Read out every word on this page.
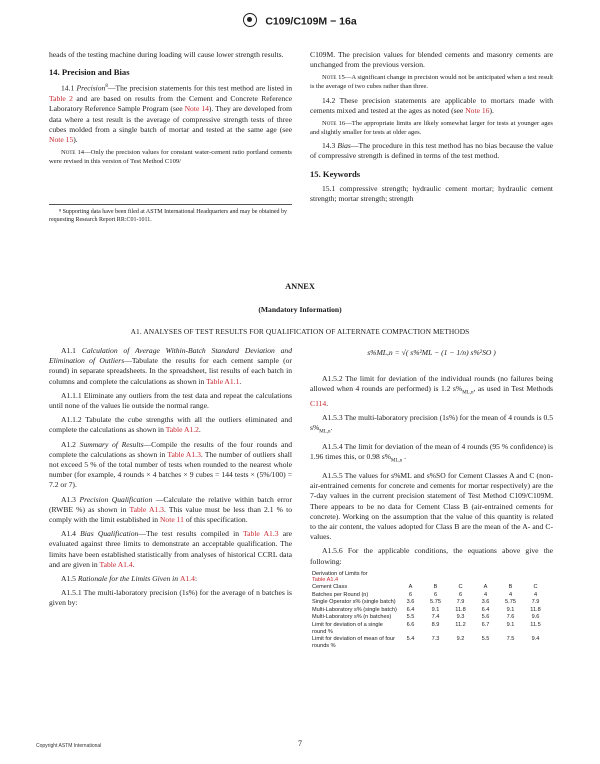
C109/C109M − 16a

heads of the testing machine during loading will cause lower strength results.

14. Precision and Bias

14.1 Precision$^8$—The precision statements for this test method are listed in Table 2 and are based on results from the Cement and Concrete Reference Laboratory Reference Sample Program (see Note 14). They are developed from data where a test result is the average of compressive strength tests of three cubes molded from a single batch of mortar and tested at the same age (see Note 15).

Note 14—Only the precision values for constant water-cement ratio portland cements were revised in this version of Test Method C109/

⁸ Supporting data have been filed at ASTM International Headquarters and may be obtained by requesting Research Report RR:C01-1011.

C109M. The precision values for blended cements and masonry cements are unchanged from the previous version.

Note 15—A significant change in precision would not be anticipated when a test result is the average of two cubes rather than three.

14.2 These precision statements are applicable to mortars made with cements mixed and tested at the ages as noted (see Note 16).

Note 16—The appropriate limits are likely somewhat larger for tests at younger ages and slightly smaller for tests at older ages.

14.3 Bias—The procedure in this test method has no bias because the value of compressive strength is defined in terms of the test method.

15. Keywords

15.1 compressive strength; hydraulic cement mortar; hydraulic cement strength; mortar strength; strength

ANNEX
(Mandatory Information)
A1. ANALYSES OF TEST RESULTS FOR QUALIFICATION OF ALTERNATE COMPACTION METHODS

A1.1 Calculation of Average Within-Batch Standard Deviation and Elimination of Outliers—Tabulate the results for each cement sample (or round) in separate spreadsheets. In the spreadsheet, list results of each batch in columns and complete the calculations as shown in Table A1.1.

A1.1.1 Eliminate any outliers from the test data and repeat the calculations until none of the values lie outside the normal range.

A1.1.2 Tabulate the cube strengths with all the outliers eliminated and complete the calculations as shown in Table A1.2.

A1.2 Summary of Results—Compile the results of the four rounds and complete the calculations as shown in Table A1.3. The number of outliers shall not exceed 5 % of the total number of tests when rounded to the nearest whole number (for example, 4 rounds × 4 batches × 9 cubes = 144 tests × (5%/100) = 7.2 or 7).

A1.3 Precision Qualification —Calculate the relative within batch error (RWBE %) as shown in Table A1.3. This value must be less than 2.1 % to comply with the limit established in Note 11 of this specification.

A1.4 Bias Qualification—The test results compiled in Table A1.3 are evaluated against three limits to demonstrate an acceptable qualification. The limits have been established statistically from analyses of historical CCRL data and are given in Table A1.4.

A1.5 Rationale for the Limits Given in A1.4:

A1.5.1 The multi-laboratory precision (1s%) for the average of n batches is given by:

s%ML,n = √( s%²ML − (1 − 1/n) s%²SO )

A1.5.2 The limit for deviation of the individual rounds (no failures being allowed when 4 rounds are performed) is 1.2 $s\%_{ML,n}$, as used in Test Methods C114.

A1.5.3 The multi-laboratory precision (1s%) for the mean of 4 rounds is 0.5 $s\%_{ML,n}$.

A1.5.4 The limit for deviation of the mean of 4 rounds (95 % confidence) is 1.96 times this, or 0.98 $s\%_{ML,n}$ .

A1.5.5 The values for s%ML and s%SO for Cement Classes A and C (non-air-entrained cements for concrete and cements for mortar respectively) are the 7-day values in the current precision statement of Test Method C109/C109M. There appears to be no data for Cement Class B (air-entrained cements for concrete). Working on the assumption that the value of this quantity is related to the air content, the values adopted for Class B are the mean of the A- and C-values.

A1.5.6 For the applicable conditions, the equations above give the following:

Derivation of Limits for
Table A1.4
Cement Class	A	B	C	A	B	C
Batches per Round (n)	6	6	6	4	4	4
Single Operator s% (single batch)	3.6	5.75	7.9	3.6	5.75	7.9
Multi-Laboratory s% (single batch)	6.4	9.1	11.8	6.4	9.1	11.8
Multi-Laboratory s% (n batches)	5.5	7.4	9.3	5.6	7.6	9.6
Limit for deviation of a single round %	6.6	8.9	11.2	6.7	9.1	11.5
Limit for deviation of mean of four rounds %	5.4	7.3	9.2	5.5	7.5	9.4
Copyright ASTM International	7
